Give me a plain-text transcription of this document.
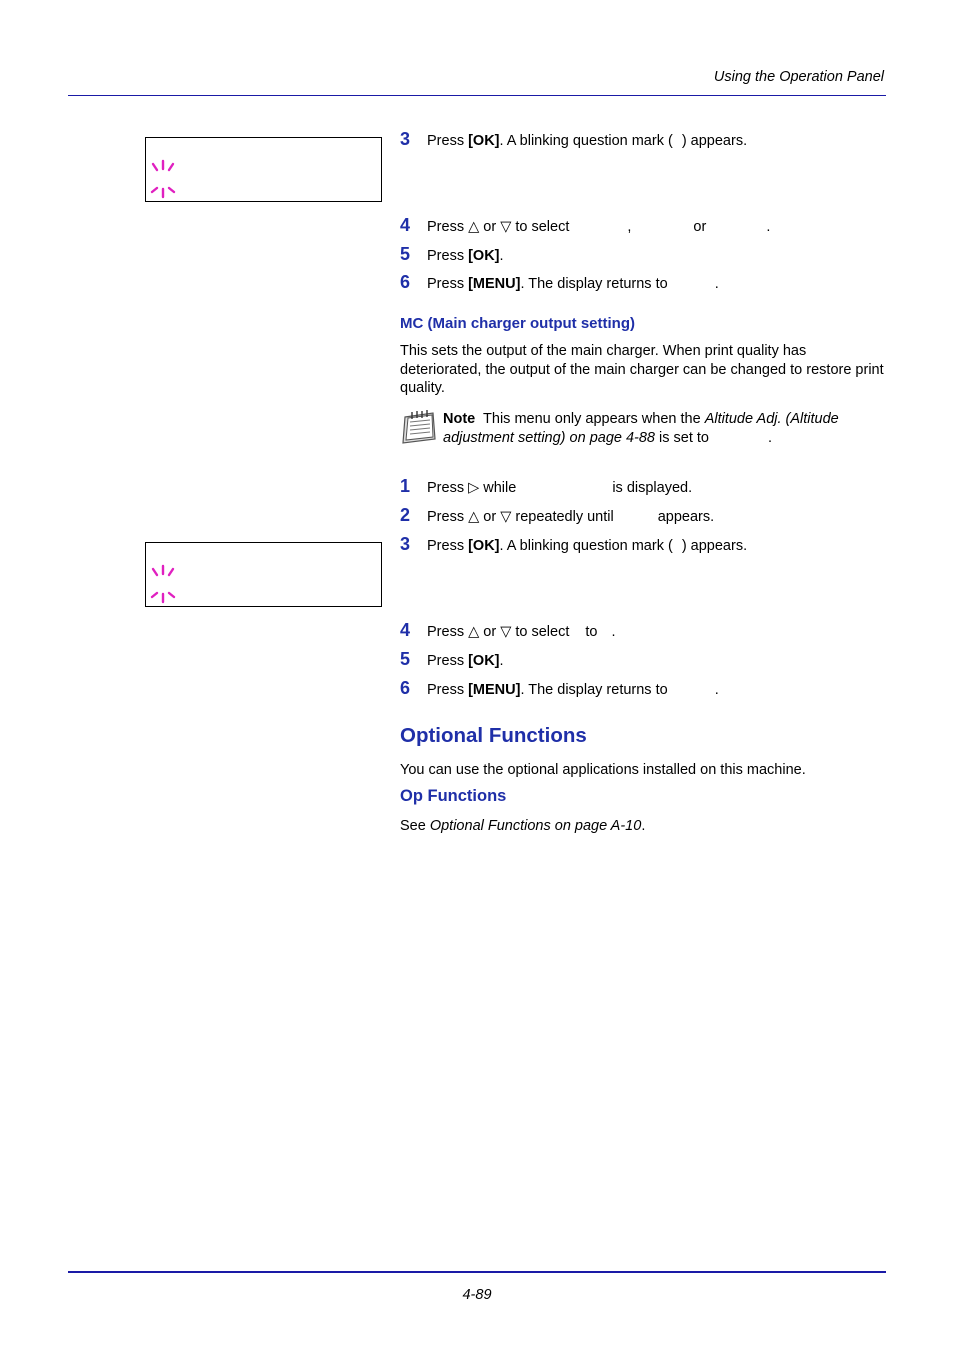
Using the Operation Panel
3 Press [OK]. A blinking question mark ( ) appears.
4 Press △ or ▽ to select	,	or	.
5 Press [OK].
6 Press [MENU]. The display returns to	.
MC (Main charger output setting)
This sets the output of the main charger. When print quality has deteriorated, the output of the main charger can be changed to restore print quality.
Note This menu only appears when the Altitude Adj. (Altitude adjustment setting) on page 4-88 is set to	.
1 Press ▷ while	is displayed.
2 Press △ or ▽ repeatedly until	appears.
3 Press [OK]. A blinking question mark ( ) appears.
4 Press △ or ▽ to select to .
5 Press [OK].
6 Press [MENU]. The display returns to	.
Optional Functions
You can use the optional applications installed on this machine.
Op Functions
See Optional Functions on page A-10.
4-89
